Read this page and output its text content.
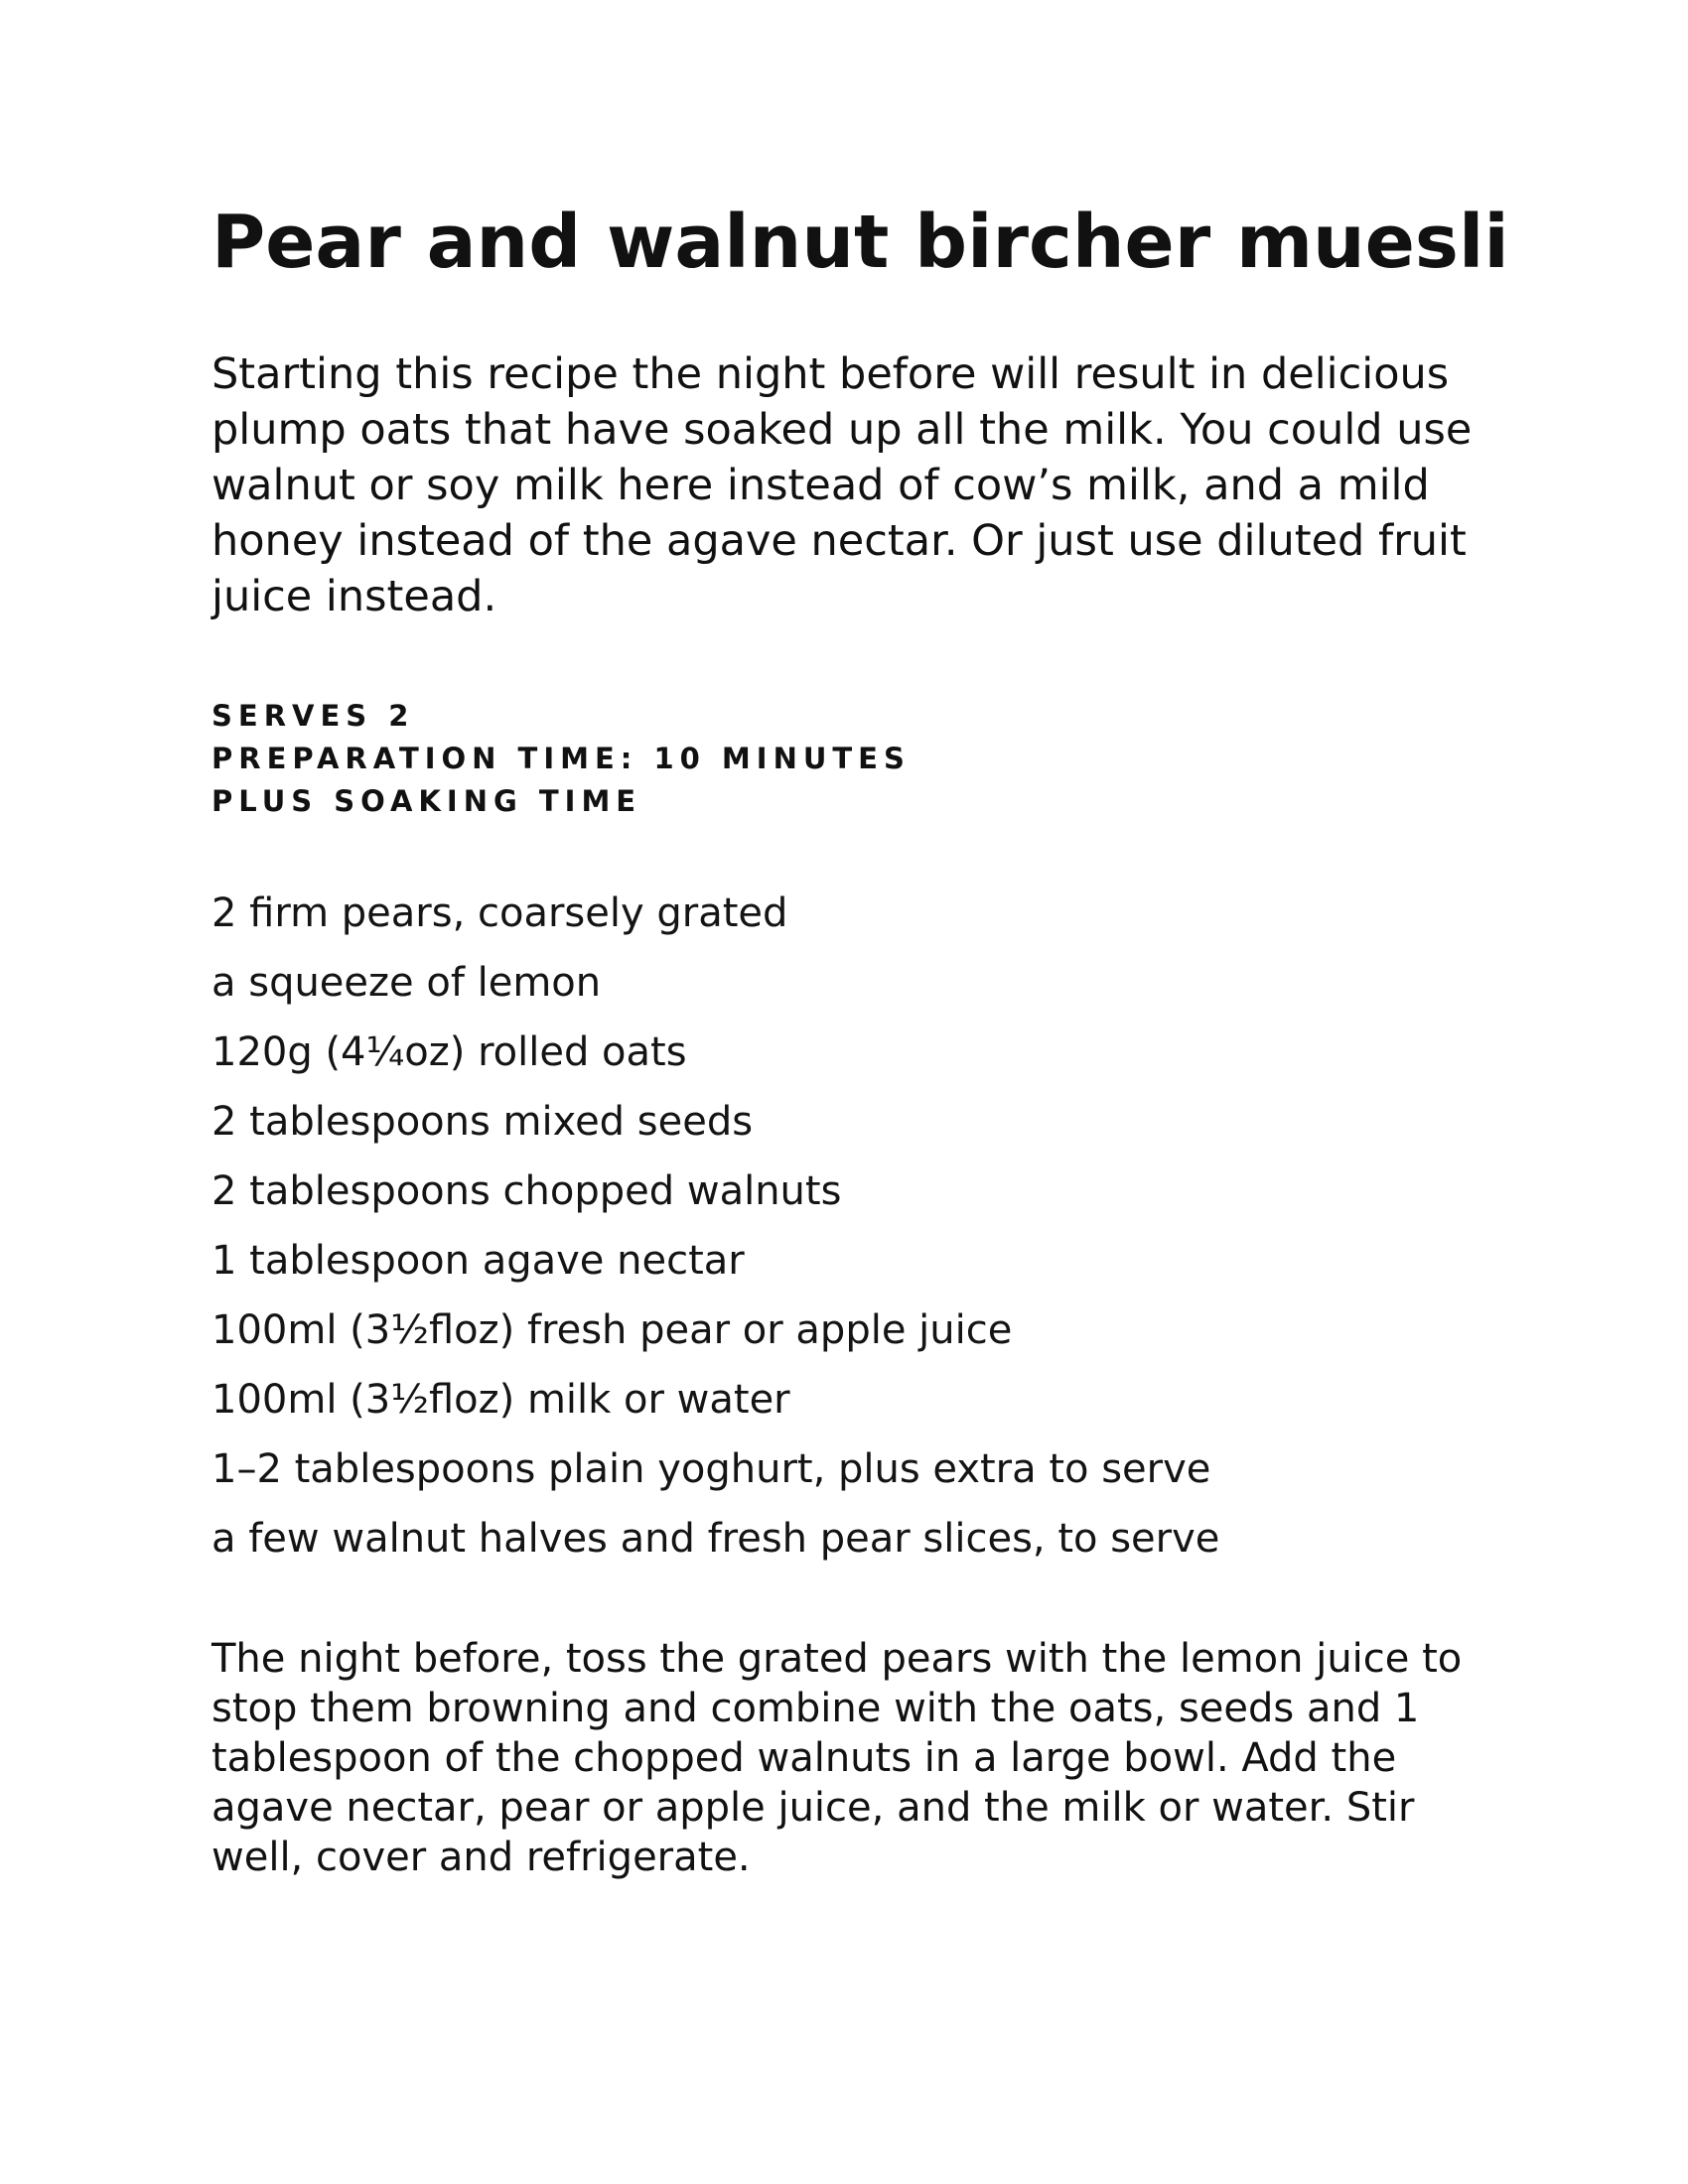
Pear and walnut bircher muesli

Starting this recipe the night before will result in delicious plump oats that have soaked up all the milk. You could use walnut or soy milk here instead of cow’s milk, and a mild honey instead of the agave nectar. Or just use diluted fruit juice instead.

SERVES 2
PREPARATION TIME: 10 MINUTES
PLUS SOAKING TIME
2 firm pears, coarsely grated
a squeeze of lemon
120g (4¼oz) rolled oats
2 tablespoons mixed seeds
2 tablespoons chopped walnuts
1 tablespoon agave nectar
100ml (3½floz) fresh pear or apple juice
100ml (3½floz) milk or water
1–2 tablespoons plain yoghurt, plus extra to serve
a few walnut halves and fresh pear slices, to serve

The night before, toss the grated pears with the lemon juice to stop them browning and combine with the oats, seeds and 1 tablespoon of the chopped walnuts in a large bowl. Add the agave nectar, pear or apple juice, and the milk or water. Stir well, cover and refrigerate.
